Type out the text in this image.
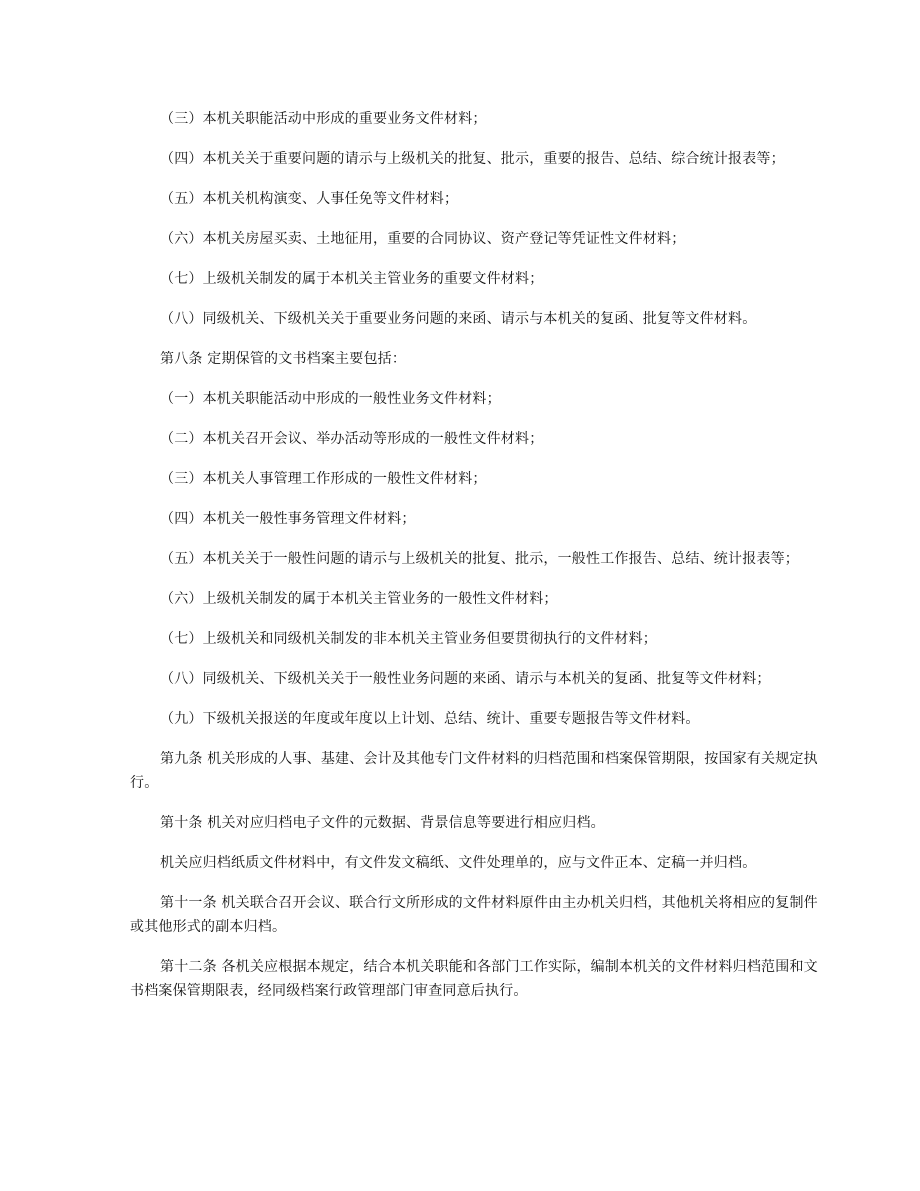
（三）本机关职能活动中形成的重要业务文件材料；

（四）本机关关于重要问题的请示与上级机关的批复、批示，重要的报告、总结、综合统计报表等；

（五）本机关机构演变、人事任免等文件材料；

（六）本机关房屋买卖、土地征用，重要的合同协议、资产登记等凭证性文件材料；

（七）上级机关制发的属于本机关主管业务的重要文件材料；

（八）同级机关、下级机关关于重要业务问题的来函、请示与本机关的复函、批复等文件材料。

第八条 定期保管的文书档案主要包括：

（一）本机关职能活动中形成的一般性业务文件材料；

（二）本机关召开会议、举办活动等形成的一般性文件材料；

（三）本机关人事管理工作形成的一般性文件材料；

（四）本机关一般性事务管理文件材料；

（五）本机关关于一般性问题的请示与上级机关的批复、批示，一般性工作报告、总结、统计报表等；

（六）上级机关制发的属于本机关主管业务的一般性文件材料；

（七）上级机关和同级机关制发的非本机关主管业务但要贯彻执行的文件材料；

（八）同级机关、下级机关关于一般性业务问题的来函、请示与本机关的复函、批复等文件材料；

（九）下级机关报送的年度或年度以上计划、总结、统计、重要专题报告等文件材料。

第九条 机关形成的人事、基建、会计及其他专门文件材料的归档范围和档案保管期限，按国家有关规定执行。

第十条 机关对应归档电子文件的元数据、背景信息等要进行相应归档。

机关应归档纸质文件材料中，有文件发文稿纸、文件处理单的，应与文件正本、定稿一并归档。

第十一条 机关联合召开会议、联合行文所形成的文件材料原件由主办机关归档，其他机关将相应的复制件或其他形式的副本归档。

第十二条 各机关应根据本规定，结合本机关职能和各部门工作实际，编制本机关的文件材料归档范围和文书档案保管期限表，经同级档案行政管理部门审查同意后执行。
